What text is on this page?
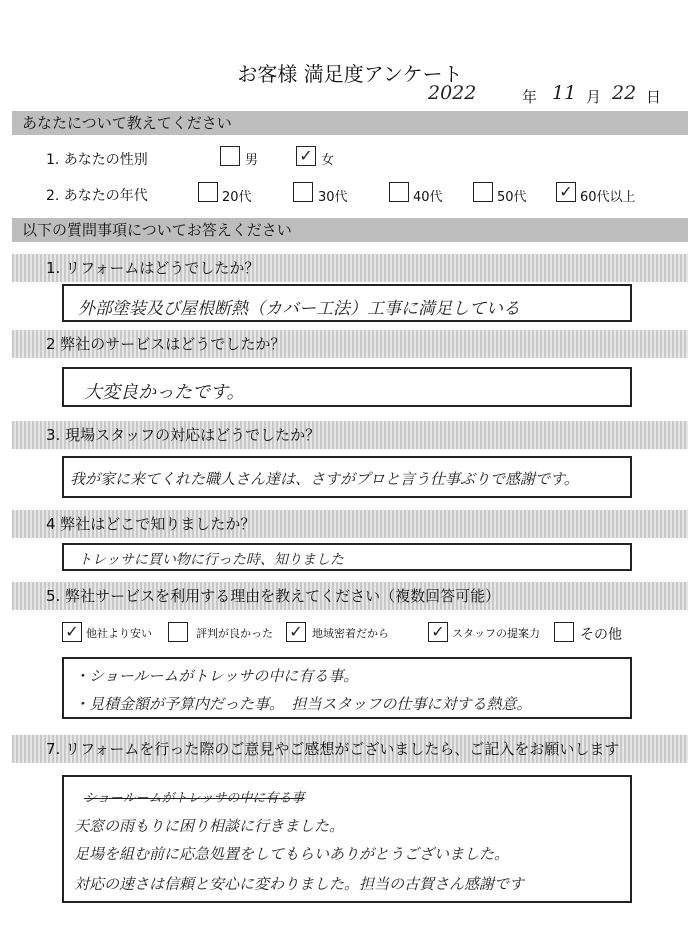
お客様 満足度アンケート
2022	年 11 月 22 日
あなたについて教えてください
1. あなたの性別	男	✓ 女
2. あなたの年代	20代	30代	40代	50代 ✓ 60代以上
以下の質問事項についてお答えください
1. リフォームはどうでしたか？
外部塗装及び屋根断熱（カバー工法）工事に満足している
2 弊社のサービスはどうでしたか？
大変良かったです。
3. 現場スタッフの対応はどうでしたか？
我が家に来てくれた職人さん達は、さすがプロと言う仕事ぶりで感謝です。
4 弊社はどこで知りましたか？
トレッサに買い物に行った時、知りました
5. 弊社サービスを利用する理由を教えてください（複数回答可能）
✓ 他社より安い	評判が良かった ✓ 地域密着だから	✓ スタッフの提案力	その他
・ショールームがトレッサの中に有る事。
・見積金額が予算内だった事。　担当スタッフの仕事に対する熱意。
7. リフォームを行った際のご意見やご感想がございましたら、ご記入をお願いします
ショールームがトレッサの中に有る事
天窓の雨もりに困り相談に行きました。
足場を組む前に応急処置をしてもらいありがとうございました。
対応の速さは信頼と安心に変わりました。担当の古賀さん感謝です
